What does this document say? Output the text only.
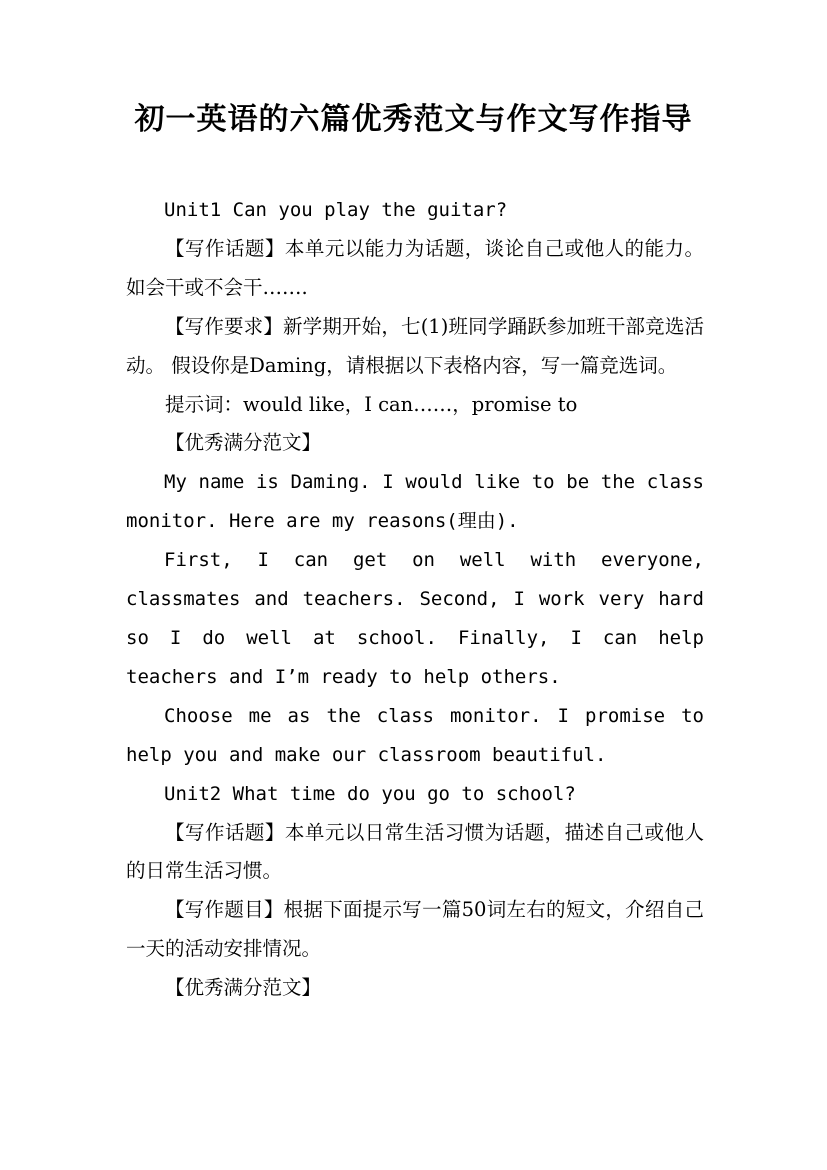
初一英语的六篇优秀范文与作文写作指导

Unit1 Can you play the guitar?

【写作话题】本单元以能力为话题，谈论自己或他人的能力。如会干或不会干…….

【写作要求】新学期开始，七(1)班同学踊跃参加班干部竞选活动。 假设你是Daming，请根据以下表格内容，写一篇竞选词。

提示词：would like，I can……，promise to

【优秀满分范文】

My name is Daming. I would like to be the class monitor. Here are my reasons(理由).

First, I can get on well with everyone, classmates and teachers. Second, I work very hard so I do well at school. Finally, I can help teachers and I’m ready to help others.

Choose me as the class monitor. I promise to help you and make our classroom beautiful.

Unit2 What time do you go to school?

【写作话题】本单元以日常生活习惯为话题，描述自己或他人的日常生活习惯。

【写作题目】根据下面提示写一篇50词左右的短文，介绍自己一天的活动安排情况。

【优秀满分范文】
